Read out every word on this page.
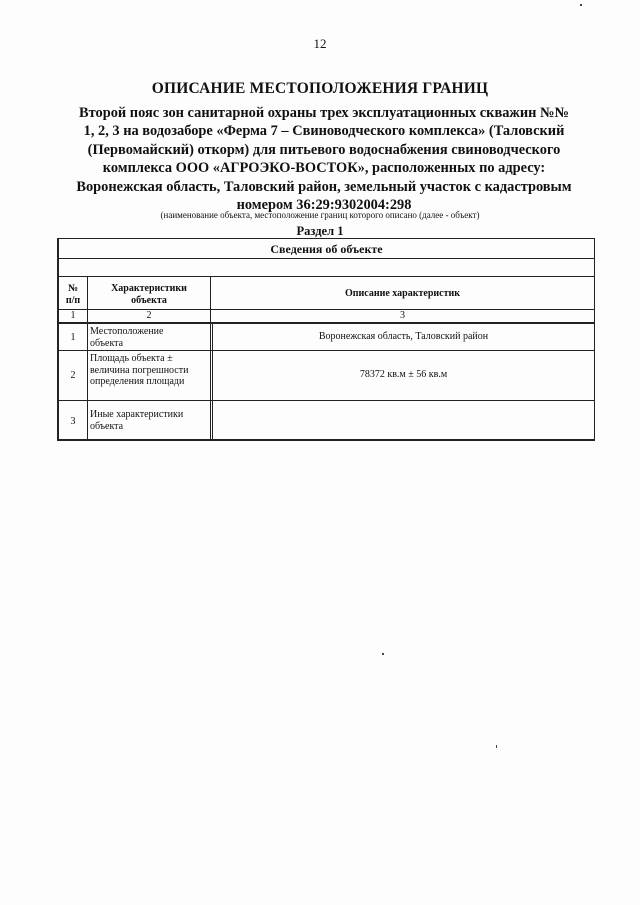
12
ОПИСАНИЕ МЕСТОПОЛОЖЕНИЯ ГРАНИЦ
Второй пояс зон санитарной охраны трех эксплуатационных скважин №№
1, 2, 3 на водозаборе «Ферма 7 – Свиноводческого комплекса» (Таловский
(Первомайский) откорм) для питьевого водоснабжения свиноводческого
комплекса ООО «АГРОЭКО-ВОСТОК», расположенных по адресу:
Воронежская область, Таловский район, земельный участок с кадастровым
номером 36:29:9302004:298
(наименование объекта, местоположение границ которого описано (далее - объект)
Раздел 1
Сведения об объекте
№
п/п
Характеристики
объекта
Описание характеристик
1	2	3
1
Местоположение
объекта
Воронежская область, Таловский район
2
Площадь объекта ±
величина погрешности
определения площади
78372 кв.м ± 56 кв.м
3
Иные характеристики
объекта
